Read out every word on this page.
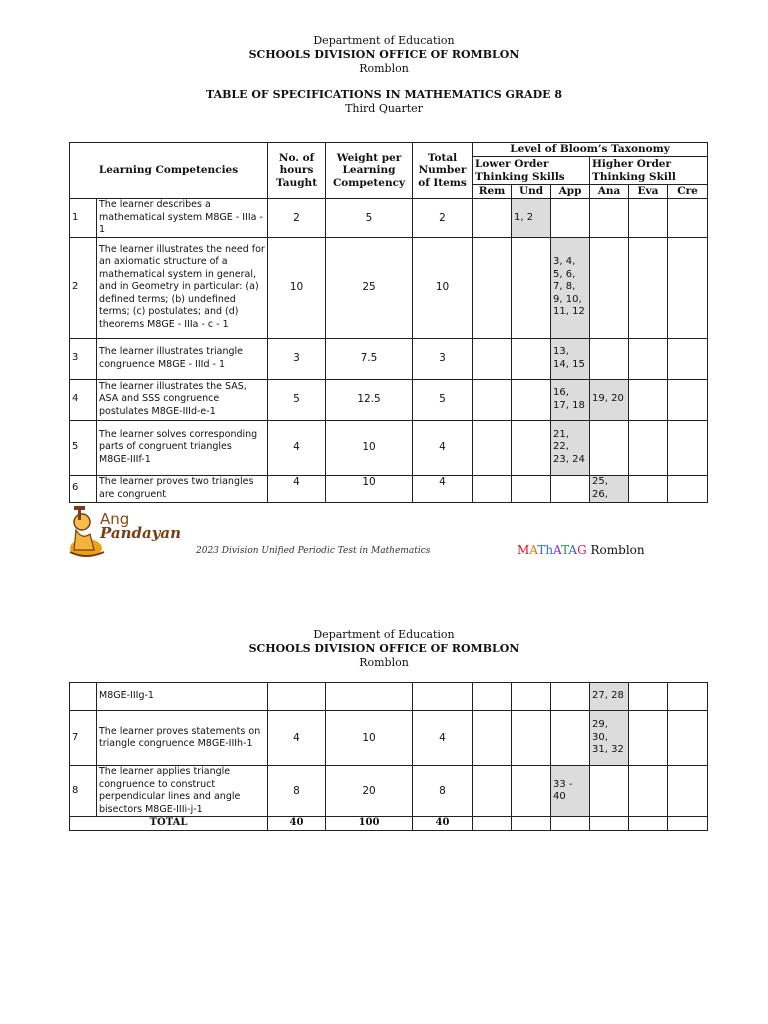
Department of Education
SCHOOLS DIVISION OFFICE OF ROMBLON
Romblon
TABLE OF SPECIFICATIONS IN MATHEMATICS GRADE 8
Third Quarter
Learning Competencies		No. of hours Taught	Weight per Learning Competency	Total Number of Items	Level of Bloom’s Taxonomy					
					Lower Order Thinking Skills			Higher Order Thinking Skill		
					Rem	Und	App	Ana	Eva	Cre
1	The learner describes a mathematical system M8GE - IIIa - 1	2	5	2		1, 2				
2	The learner illustrates the need for an axiomatic structure of a mathematical system in general, and in Geometry in particular: (a) defined terms; (b) undefined terms; (c) postulates; and (d) theorems M8GE - IIIa - c - 1	10	25	10			3, 4, 5, 6, 7, 8, 9, 10, 11, 12			
3	The learner illustrates triangle congruence M8GE - IIId - 1	3	7.5	3			13, 14, 15			
4	The learner illustrates the SAS, ASA and SSS congruence postulates M8GE-IIId-e-1	5	12.5	5			16, 17, 18	19, 20		
5	The learner solves corresponding parts of congruent triangles M8GE-IIIf-1	4	10	4			21, 22, 23, 24			
6	The learner proves two triangles are congruent	4	10	4				25, 26,		
Ang
Pandayan
2023 Division Unified Periodic Test in Mathematics	MAThATAG Romblon
Department of Education
SCHOOLS DIVISION OFFICE OF ROMBLON
Romblon
	M8GE-IIIg-1							27, 28		
7	The learner proves statements on triangle congruence M8GE-IIIh-1	4	10	4				29, 30, 31, 32		
8	The learner applies triangle congruence to construct perpendicular lines and angle bisectors M8GE-IIIi-j-1	8	20	8			33 - 40			
TOTAL		40	100	40						
